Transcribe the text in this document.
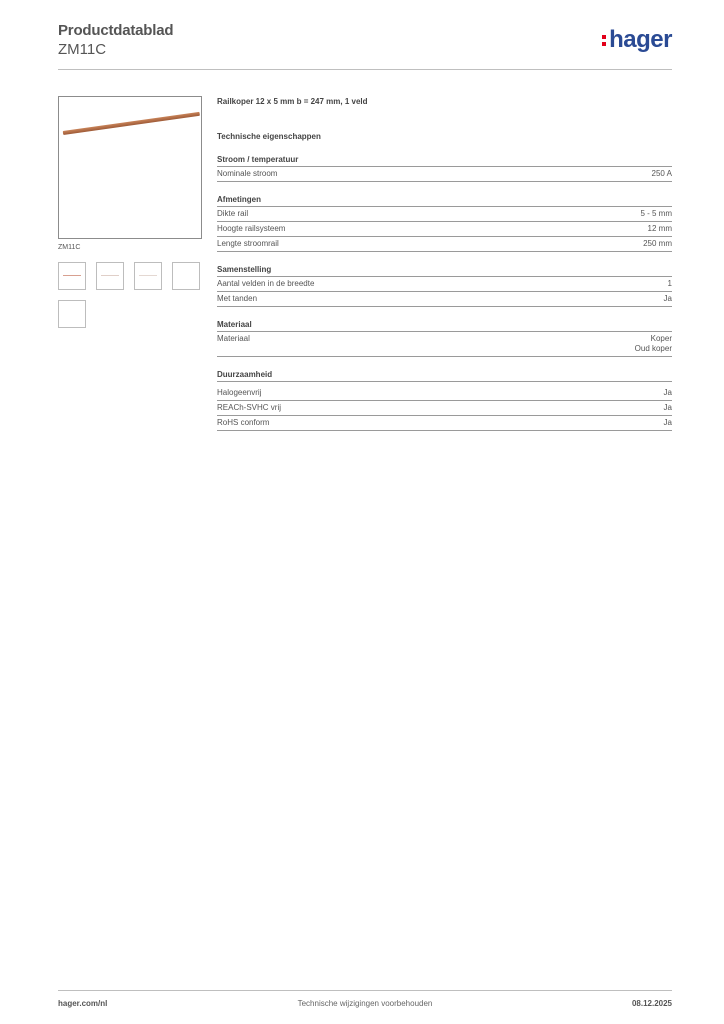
Productdatablad
ZM11C	hager
ZM11C
Railkoper 12 x 5 mm b = 247 mm, 1 veld
Technische eigenschappen
Stroom / temperatuur
Nominale stroom	250 A
Afmetingen
Dikte rail	5 - 5 mm
Hoogte railsysteem	12 mm
Lengte stroomrail	250 mm
Samenstelling
Aantal velden in de breedte	1
Met tanden	Ja
Materiaal
Materiaal	Koper
Oud koper
Duurzaamheid
Halogeenvrij	Ja
REACh-SVHC vrij	Ja
RoHS conform	Ja
hager.com/nl	Technische wijzigingen voorbehouden	08.12.2025
